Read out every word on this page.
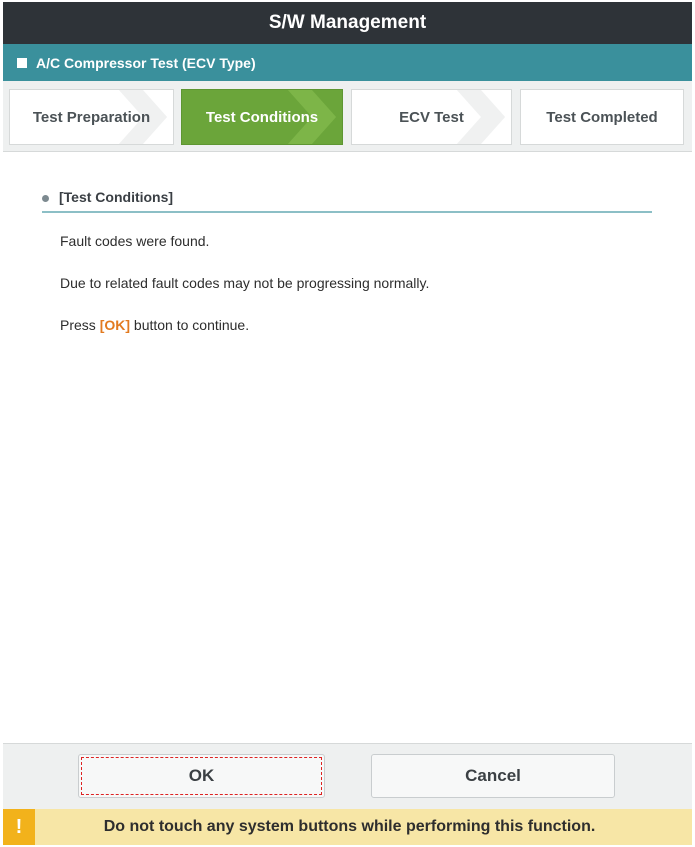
S/W Management
A/C Compressor Test (ECV Type)
Test Preparation	Test Conditions	ECV Test	Test Completed
[Test Conditions]
Fault codes were found.
Due to related fault codes may not be progressing normally.
Press [OK] button to continue.
OK	Cancel
!	Do not touch any system buttons while performing this function.
